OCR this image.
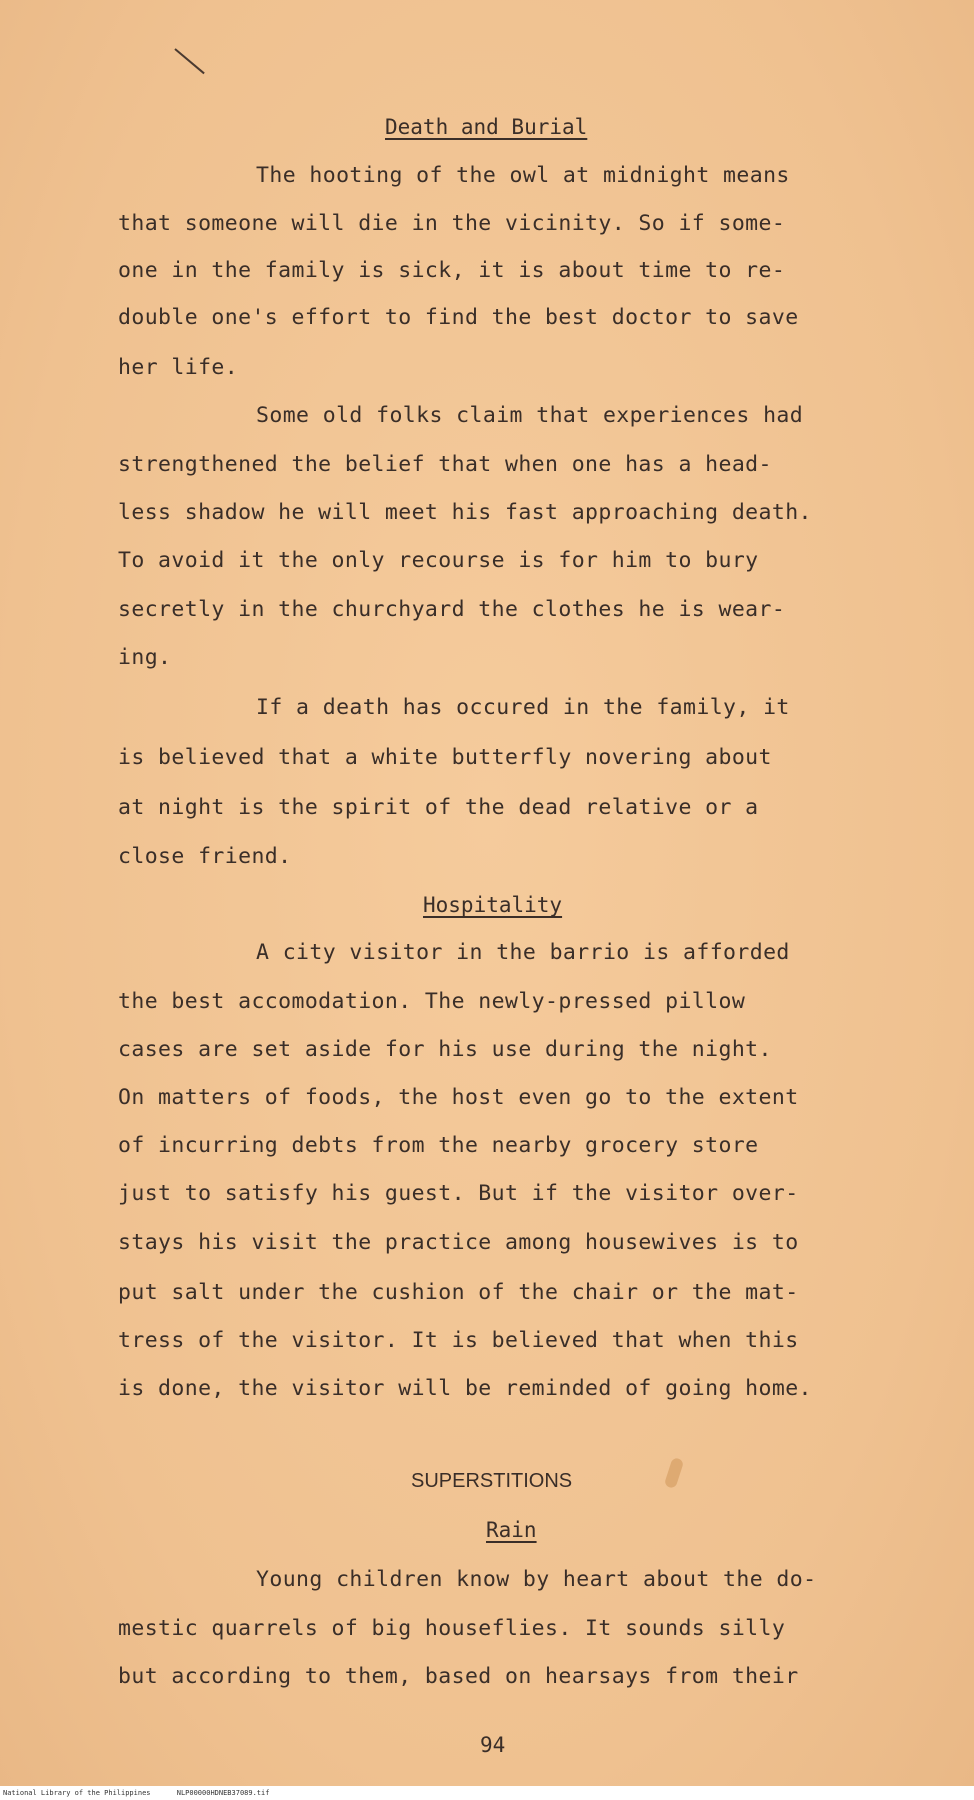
Death and Burial
The hooting of the owl at midnight means
that someone will die in the vicinity. So if some-
one in the family is sick, it is about time to re-
double one's effort to find the best doctor to save
her life.
Some old folks claim that experiences had
strengthened the belief that when one has a head-
less shadow he will meet his fast approaching death.
To avoid it the only recourse is for him to bury
secretly in the churchyard the clothes he is wear-
ing.
If a death has occured in the family, it
is believed that a white butterfly novering about
at night is the spirit of the dead relative or a
close friend.
Hospitality
A city visitor in the barrio is afforded
the best accomodation. The newly-pressed pillow
cases are set aside for his use during the night.
On matters of foods, the host even go to the extent
of incurring debts from the nearby grocery store
just to satisfy his guest. But if the visitor over-
stays his visit the practice among housewives is to
put salt under the cushion of the chair or the mat-
tress of the visitor. It is believed that when this
is done, the visitor will be reminded of going home.
SUPERSTITIONS
Rain
Young children know by heart about the do-
mestic quarrels of big houseflies. It sounds silly
but according to them, based on hearsays from their
94
National Library of the Philippines	NLP00000HDNEB37089.tif
